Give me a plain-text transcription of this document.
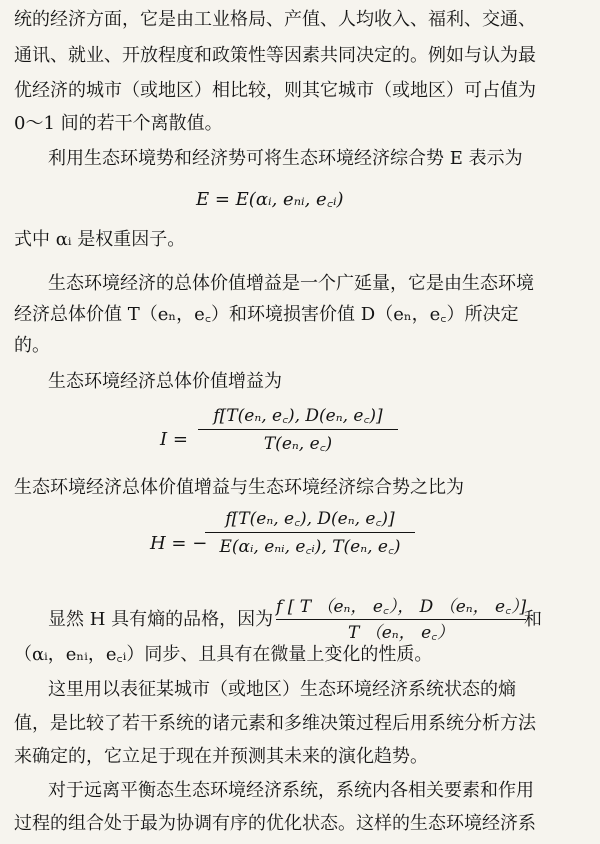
统的经济方面，它是由工业格局、产值、人均收入、福利、交通、
通讯、就业、开放程度和政策性等因素共同决定的。例如与认为最
优经济的城市（或地区）相比较，则其它城市（或地区）可占值为
0～1 间的若干个离散值。
利用生态环境势和经济势可将生态环境经济综合势 E 表示为
E = E(αᵢ, eₙᵢ, e꜀ᵢ)
式中 αᵢ 是权重因子。
生态环境经济的总体价值增益是一个广延量，它是由生态环境
经济总体价值 T（eₙ，e꜀）和环境损害价值 D（eₙ，e꜀）所决定
的。
生态环境经济总体价值增益为
I =
f[T(eₙ, e꜀), D(eₙ, e꜀)]
T(eₙ, e꜀)
生态环境经济总体价值增益与生态环境经济综合势之比为
H = −
f[T(eₙ, e꜀), D(eₙ, e꜀)]
E(αᵢ, eₙᵢ, e꜀ᵢ), T(eₙ, e꜀)
显然 H 具有熵的品格，因为
f [ T （eₙ， e꜀）， D （eₙ， e꜀）]
T （eₙ， e꜀）
和
（αᵢ，eₙᵢ，e꜀ᵢ）同步、且具有在微量上变化的性质。
这里用以表征某城市（或地区）生态环境经济系统状态的熵
值，是比较了若干系统的诸元素和多维决策过程后用系统分析方法
来确定的，它立足于现在并预测其未来的演化趋势。
对于远离平衡态生态环境经济系统，系统内各相关要素和作用
过程的组合处于最为协调有序的优化状态。这样的生态环境经济系
